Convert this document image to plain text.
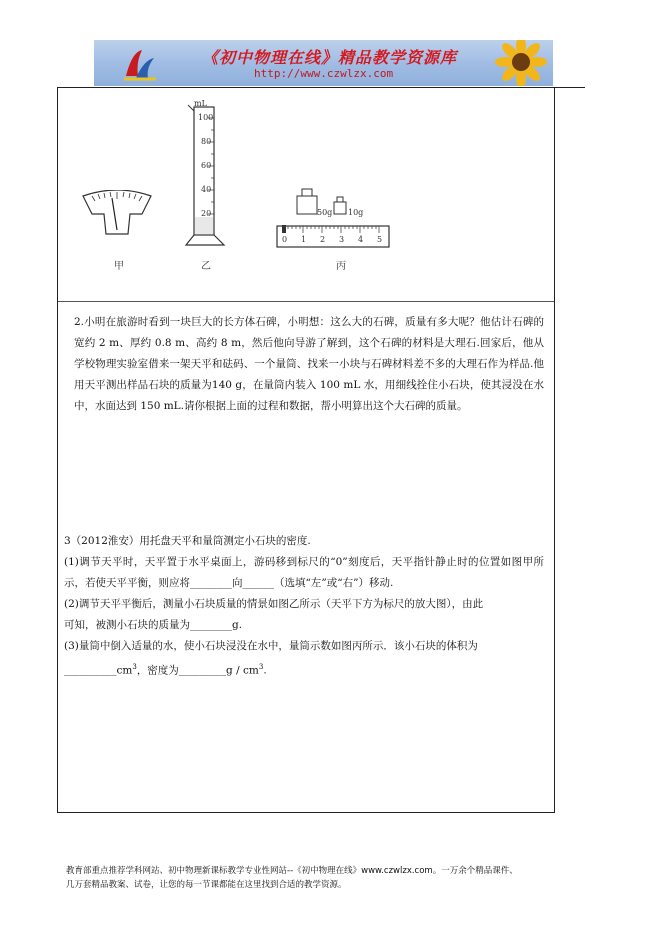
《初中物理在线》精品教学资源库
http://www.czwlzx.com
mL
100
80
60
40
20	50g 10g
0 1 2 3 4 5
甲	乙	丙

2.小明在旅游时看到一块巨大的长方体石碑，小明想：这么大的石碑，质量有多大呢？他估计石碑的宽约 2 m、厚约 0.8 m、高约 8 m，然后他向导游了解到，这个石碑的材料是大理石.回家后，他从学校物理实验室借来一架天平和砝码、一个量筒、找来一小块与石碑材料差不多的大理石作为样品.他用天平测出样品石块的质量为140 g，在量筒内装入 100 mL 水，用细线拴住小石块，使其浸没在水中，水面达到 150 mL.请你根据上面的过程和数据，帮小明算出这个大石碑的质量。

3（2012淮安）用托盘天平和量筒测定小石块的密度.

(1)调节天平时，天平置于水平桌面上，游码移到标尺的“0”刻度后，天平指针静止时的位置如图甲所示，若使天平平衡，则应将________向______（选填“左”或“右”）移动.

(2)调节天平平衡后，测量小石块质量的情景如图乙所示（天平下方为标尺的放大图），由此

可知，被测小石块的质量为________g.

(3)量筒中倒入适量的水，使小石块浸没在水中，量筒示数如图丙所示．该小石块的体积为

$\_\_\_\_\_\_\_\_\_\_cm^3$，密度为_________g / $cm^3$.

教育部重点推荐学科网站、初中物理新课标教学专业性网站--《初中物理在线》www.czwlzx.com。一万余个精品课件、
几万套精品教案、试卷，让您的每一节课都能在这里找到合适的教学资源。
